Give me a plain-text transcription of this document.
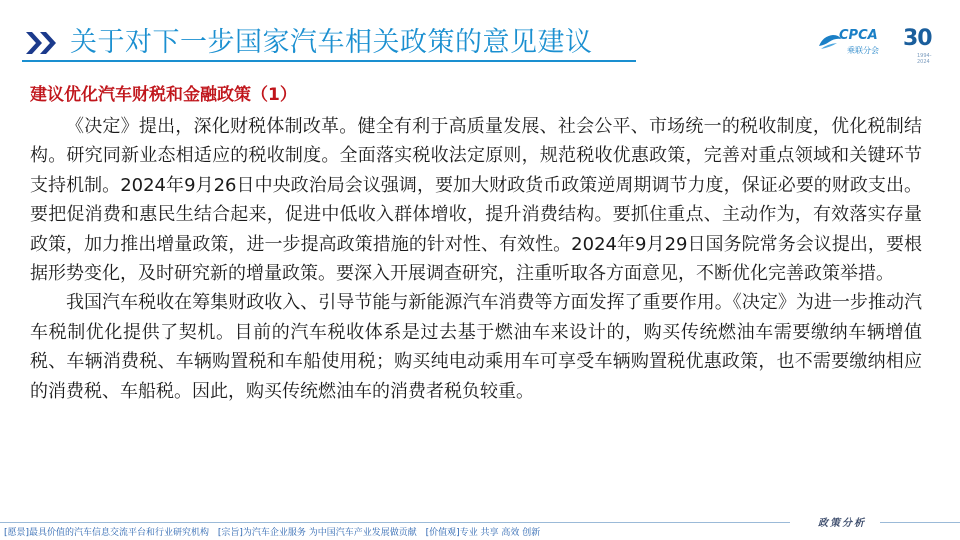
关于对下一步国家汽车相关政策的意见建议	CPCA
乘联分会 30
1994-2024
建议优化汽车财税和金融政策（1）

《决定》提出，深化财税体制改革。健全有利于高质量发展、社会公平、市场统一的税收制度，优化税制结构。研究同新业态相适应的税收制度。全面落实税收法定原则，规范税收优惠政策，完善对重点领域和关键环节支持机制。2024年9月26日中央政治局会议强调，要加大财政货币政策逆周期调节力度，保证必要的财政支出。要把促消费和惠民生结合起来，促进中低收入群体增收，提升消费结构。要抓住重点、主动作为，有效落实存量政策，加力推出增量政策，进一步提高政策措施的针对性、有效性。2024年9月29日国务院常务会议提出，要根据形势变化，及时研究新的增量政策。要深入开展调查研究，注重听取各方面意见，不断优化完善政策举措。

我国汽车税收在筹集财政收入、引导节能与新能源汽车消费等方面发挥了重要作用。《决定》为进一步推动汽车税制优化提供了契机。目前的汽车税收体系是过去基于燃油车来设计的，购买传统燃油车需要缴纳车辆增值税、车辆消费税、车辆购置税和车船使用税；购买纯电动乘用车可享受车辆购置税优惠政策，也不需要缴纳相应的消费税、车船税。因此，购买传统燃油车的消费者税负较重。

政策分析
[愿景]最具价值的汽车信息交流平台和行业研究机构 [宗旨]为汽车企业服务 为中国汽车产业发展做贡献 [价值观]专业 共享 高效 创新
